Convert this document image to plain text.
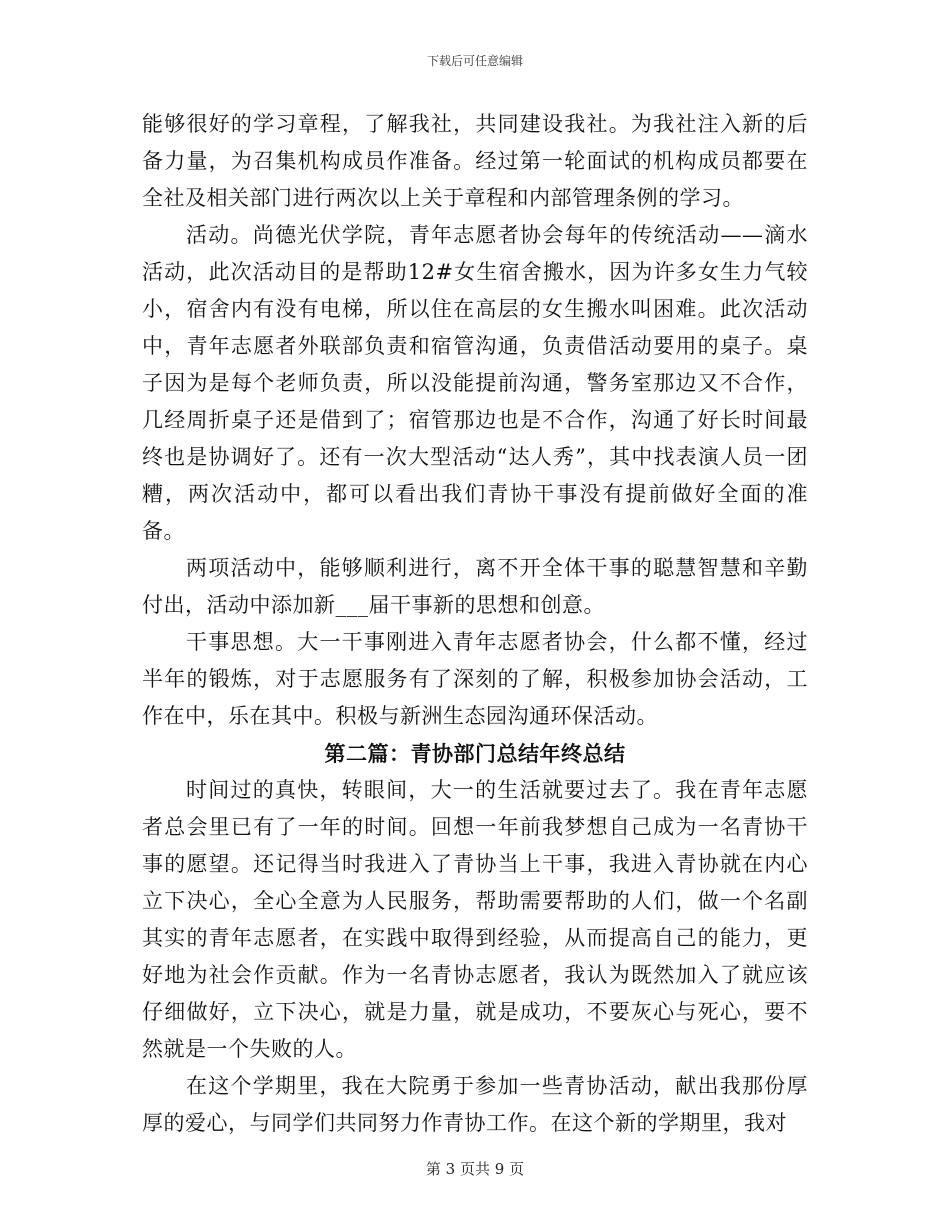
下载后可任意编辑

能够很好的学习章程，了解我社，共同建设我社。为我社注入新的后备力量，为召集机构成员作准备。经过第一轮面试的机构成员都要在全社及相关部门进行两次以上关于章程和内部管理条例的学习。

活动。尚德光伏学院，青年志愿者协会每年的传统活动——滴水活动，此次活动目的是帮助12#女生宿舍搬水，因为许多女生力气较小，宿舍内有没有电梯，所以住在高层的女生搬水叫困难。此次活动中，青年志愿者外联部负责和宿管沟通，负责借活动要用的桌子。桌子因为是每个老师负责，所以没能提前沟通，警务室那边又不合作，几经周折桌子还是借到了；宿管那边也是不合作，沟通了好长时间最终也是协调好了。还有一次大型活动“达人秀”，其中找表演人员一团糟，两次活动中，都可以看出我们青协干事没有提前做好全面的准备。

两项活动中，能够顺利进行，离不开全体干事的聪慧智慧和辛勤付出，活动中添加新___届干事新的思想和创意。

干事思想。大一干事刚进入青年志愿者协会，什么都不懂，经过半年的锻炼，对于志愿服务有了深刻的了解，积极参加协会活动，工作在中，乐在其中。积极与新洲生态园沟通环保活动。

第二篇：青协部门总结年终总结

时间过的真快，转眼间，大一的生活就要过去了。我在青年志愿者总会里已有了一年的时间。回想一年前我梦想自己成为一名青协干事的愿望。还记得当时我进入了青协当上干事，我进入青协就在内心立下决心，全心全意为人民服务，帮助需要帮助的人们，做一个名副其实的青年志愿者，在实践中取得到经验，从而提高自己的能力，更好地为社会作贡献。作为一名青协志愿者，我认为既然加入了就应该仔细做好，立下决心，就是力量，就是成功，不要灰心与死心，要不然就是一个失败的人。

在这个学期里，我在大院勇于参加一些青协活动，献出我那份厚厚的爱心，与同学们共同努力作青协工作。在这个新的学期里，我对

第 3 页共 9 页
